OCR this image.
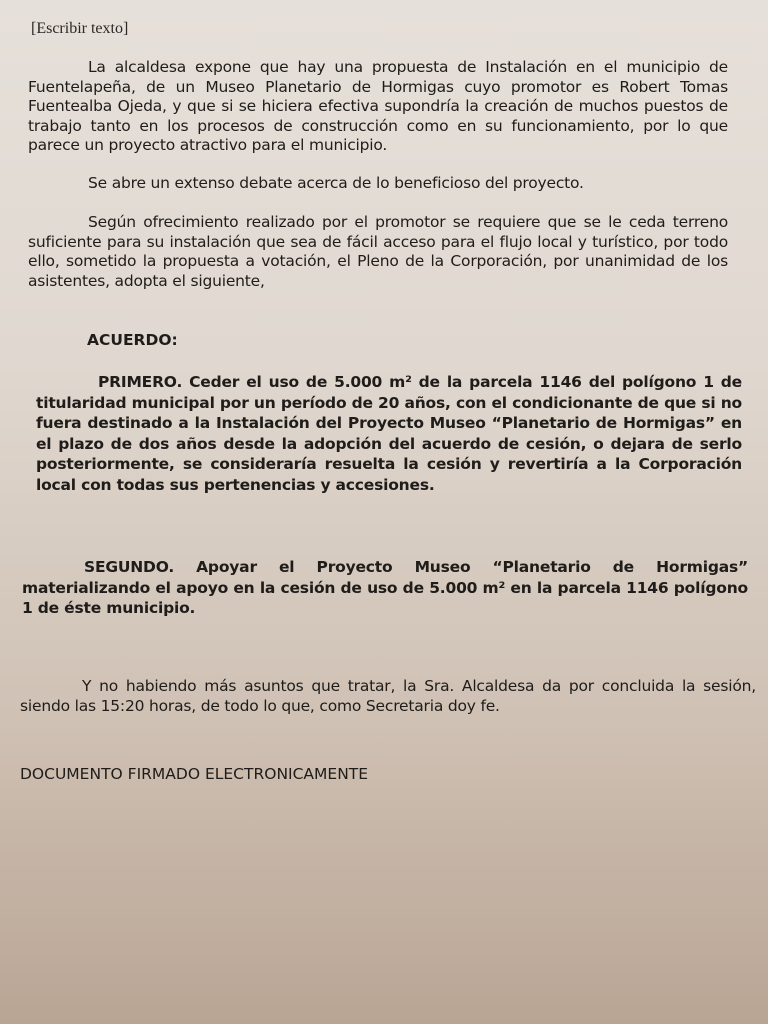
[Escribir texto]
La alcaldesa expone que hay una propuesta de Instalación en el municipio de Fuentelapeña, de un Museo Planetario de Hormigas cuyo promotor es Robert Tomas Fuentealba Ojeda, y que si se hiciera efectiva supondría la creación de muchos puestos de trabajo tanto en los procesos de construcción como en su funcionamiento, por lo que parece un proyecto atractivo para el municipio.
Se abre un extenso debate acerca de lo beneficioso del proyecto.
Según ofrecimiento realizado por el promotor se requiere que se le ceda terreno suficiente para su instalación que sea de fácil acceso para el flujo local y turístico, por todo ello, sometido la propuesta a votación, el Pleno de la Corporación, por unanimidad de los asistentes, adopta el siguiente,
ACUERDO:
PRIMERO. Ceder el uso de 5.000 m² de la parcela 1146 del polígono 1 de titularidad municipal por un período de 20 años, con el condicionante de que si no fuera destinado a la Instalación del Proyecto Museo “Planetario de Hormigas” en el plazo de dos años desde la adopción del acuerdo de cesión, o dejara de serlo posteriormente, se consideraría resuelta la cesión y revertiría a la Corporación local con todas sus pertenencias y accesiones.
SEGUNDO. Apoyar el Proyecto Museo “Planetario de Hormigas” materializando el apoyo en la cesión de uso de 5.000 m² en la parcela 1146 polígono 1 de éste municipio.
Y no habiendo más asuntos que tratar, la Sra. Alcaldesa da por concluida la sesión, siendo las 15:20 horas, de todo lo que, como Secretaria doy fe.
DOCUMENTO FIRMADO ELECTRONICAMENTE
